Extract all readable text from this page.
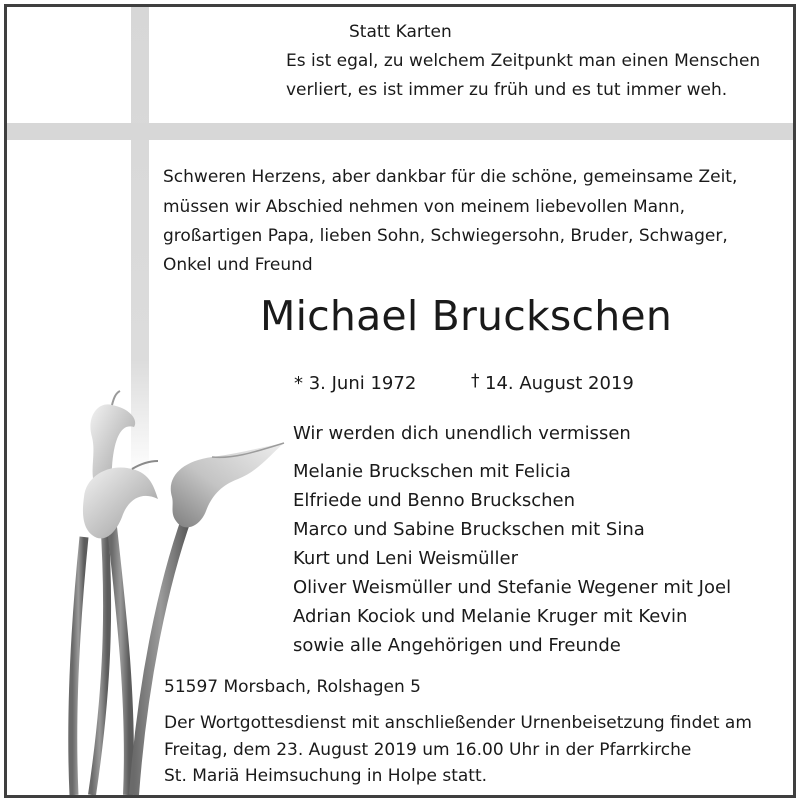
Statt Karten
Es ist egal, zu welchem Zeitpunkt man einen Menschen
verliert, es ist immer zu früh und es tut immer weh.
Schweren Herzens, aber dankbar für die schöne, gemeinsame Zeit,
müssen wir Abschied nehmen von meinem liebevollen Mann,
großartigen Papa, lieben Sohn, Schwiegersohn, Bruder, Schwager,
Onkel und Freund
Michael Bruckschen
* 3. Juni 1972	† 14. August 2019
Wir werden dich unendlich vermissen
Melanie Bruckschen mit Felicia
Elfriede und Benno Bruckschen
Marco und Sabine Bruckschen mit Sina
Kurt und Leni Weismüller
Oliver Weismüller und Stefanie Wegener mit Joel
Adrian Kociok und Melanie Kruger mit Kevin
sowie alle Angehörigen und Freunde
51597 Morsbach, Rolshagen 5
Der Wortgottesdienst mit anschließender Urnenbeisetzung findet am
Freitag, dem 23. August 2019 um 16.00 Uhr in der Pfarrkirche
St. Mariä Heimsuchung in Holpe statt.
